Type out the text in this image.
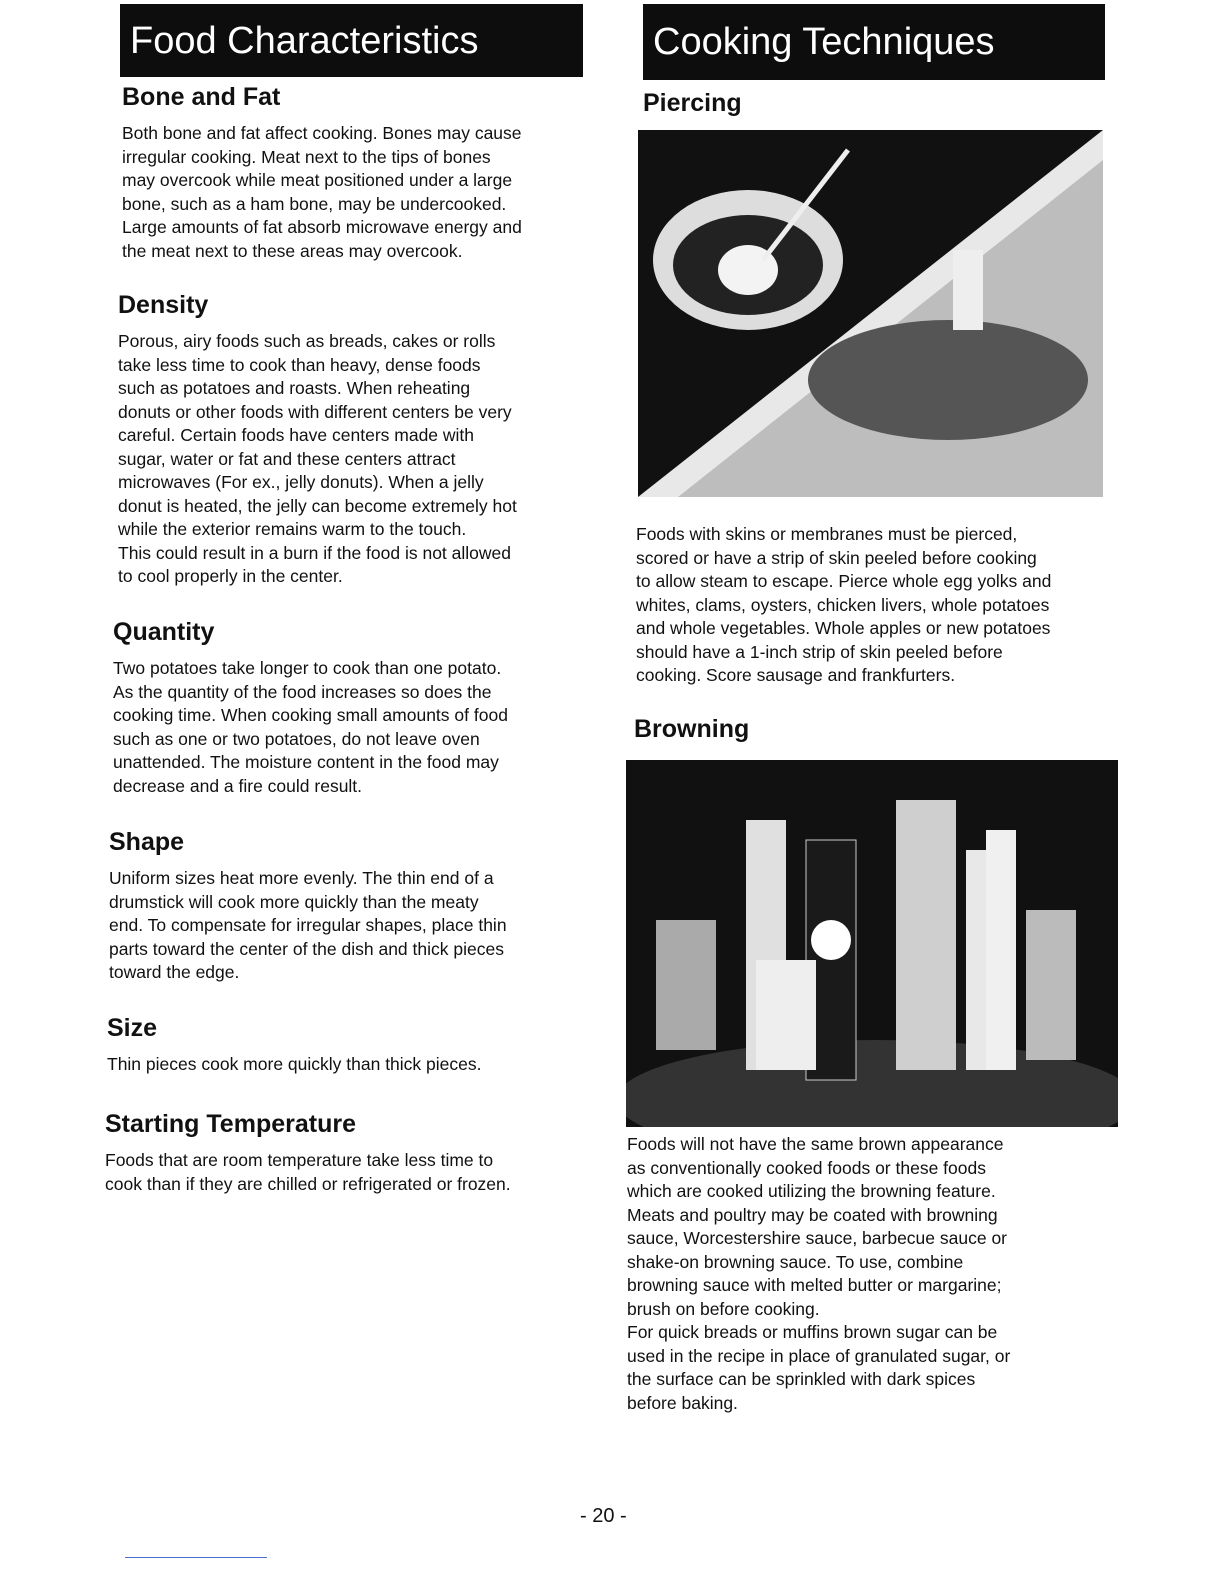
Food Characteristics	Cooking Techniques
Bone and Fat
Both bone and fat affect cooking. Bones may cause
irregular cooking. Meat next to the tips of bones
may overcook while meat positioned under a large
bone, such as a ham bone, may be undercooked.
Large amounts of fat absorb microwave energy and
the meat next to these areas may overcook.
Density
Porous, airy foods such as breads, cakes or rolls
take less time to cook than heavy, dense foods
such as potatoes and roasts. When reheating
donuts or other foods with different centers be very
careful. Certain foods have centers made with
sugar, water or fat and these centers attract
microwaves (For ex., jelly donuts). When a jelly
donut is heated, the jelly can become extremely hot
while the exterior remains warm to the touch.
This could result in a burn if the food is not allowed
to cool properly in the center.
Quantity
Two potatoes take longer to cook than one potato.
As the quantity of the food increases so does the
cooking time. When cooking small amounts of food
such as one or two potatoes, do not leave oven
unattended. The moisture content in the food may
decrease and a fire could result.
Shape
Uniform sizes heat more evenly. The thin end of a
drumstick will cook more quickly than the meaty
end. To compensate for irregular shapes, place thin
parts toward the center of the dish and thick pieces
toward the edge.
Size
Thin pieces cook more quickly than thick pieces.
Starting Temperature
Foods that are room temperature take less time to
cook than if they are chilled or refrigerated or frozen.
Piercing
Foods with skins or membranes must be pierced,
scored or have a strip of skin peeled before cooking
to allow steam to escape. Pierce whole egg yolks and
whites, clams, oysters, chicken livers, whole potatoes
and whole vegetables. Whole apples or new potatoes
should have a 1-inch strip of skin peeled before
cooking. Score sausage and frankfurters.
Browning
Foods will not have the same brown appearance
as conventionally cooked foods or these foods
which are cooked utilizing the browning feature.
Meats and poultry may be coated with browning
sauce, Worcestershire sauce, barbecue sauce or
shake-on browning sauce. To use, combine
browning sauce with melted butter or margarine;
brush on before cooking.
For quick breads or muffins brown sugar can be
used in the recipe in place of granulated sugar, or
the surface can be sprinkled with dark spices
before baking.
- 20 -
